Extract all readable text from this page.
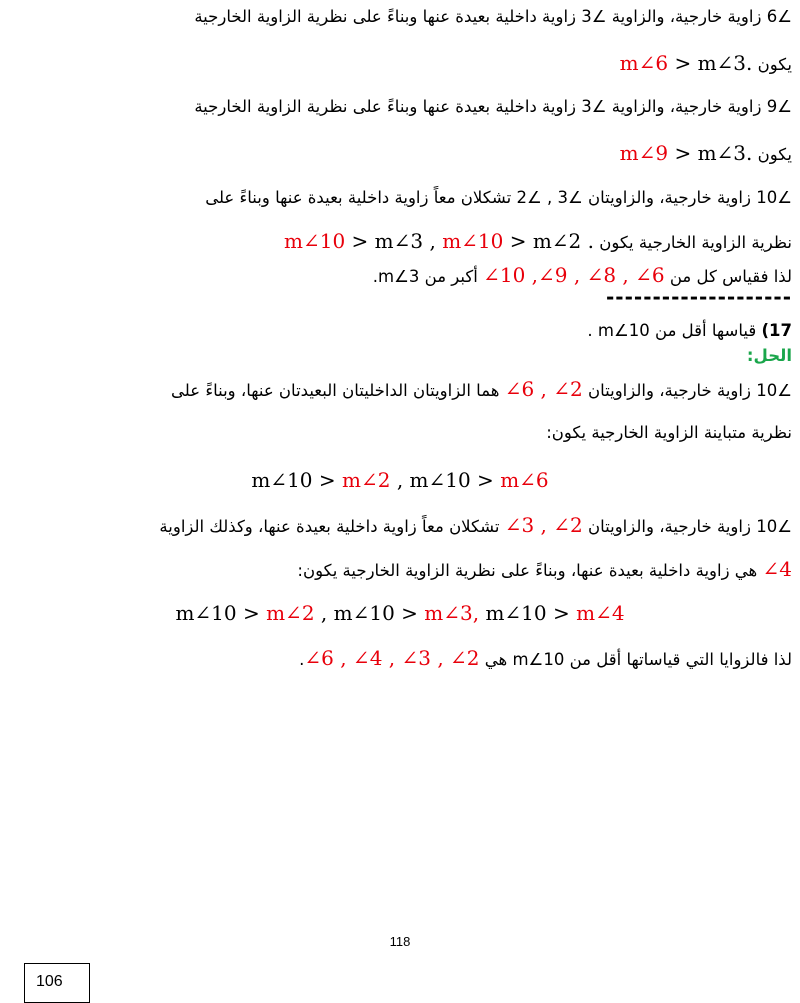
∠6 زاوية خارجية، والزاوية ∠3 زاوية داخلية بعيدة عنها وبناءً على نظرية الزاوية الخارجية
يكون m∠6 > m∠3.
∠9 زاوية خارجية، والزاوية ∠3 زاوية داخلية بعيدة عنها وبناءً على نظرية الزاوية الخارجية
يكون m∠9 > m∠3.
∠10 زاوية خارجية، والزاويتان ∠3 , ∠2 تشكلان معاً زاوية داخلية بعيدة عنها وبناءً على
نظرية الزاوية الخارجية يكون m∠10 > m∠3 , m∠10 > m∠2 .
لذا فقياس كل من ∠10 ,∠9 , ∠8 , ∠6 أكبر من m∠3.
--------------------
17) قياسها أقل من m∠10 .
الحل:
∠10 زاوية خارجية، والزاويتان ∠6 , ∠2 هما الزاويتان الداخليتان البعيدتان عنها، وبناءً على
نظرية متباينة الزاوية الخارجية يكون:
m∠10 > m∠2 , m∠10 > m∠6
∠10 زاوية خارجية، والزاويتان ∠3 , ∠2 تشكلان معاً زاوية داخلية بعيدة عنها، وكذلك الزاوية
∠4 هي زاوية داخلية بعيدة عنها، وبناءً على نظرية الزاوية الخارجية يكون:
m∠10 > m∠2 , m∠10 > m∠3, m∠10 > m∠4
لذا فالزوايا التي قياساتها أقل من m∠10 هي ∠6 , ∠4 , ∠3 , ∠2.
118
106
